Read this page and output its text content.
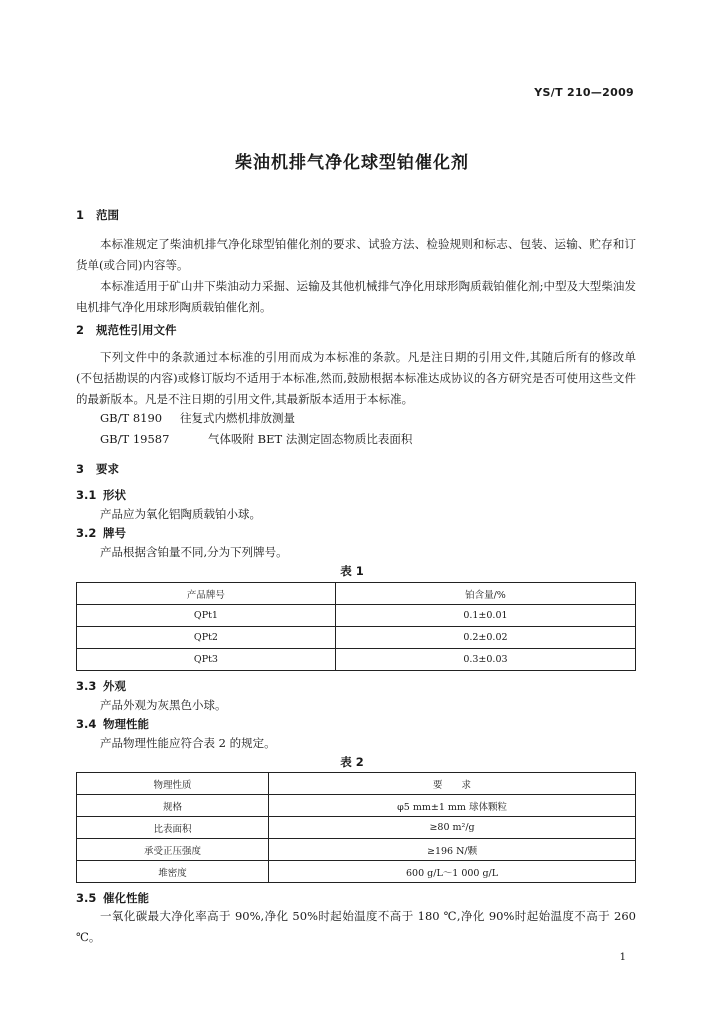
YS/T 210—2009
柴油机排气净化球型铂催化剂
1 范围
本标准规定了柴油机排气净化球型铂催化剂的要求、试验方法、检验规则和标志、包装、运输、贮存和订货单(或合同)内容等。
本标准适用于矿山井下柴油动力采掘、运输及其他机械排气净化用球形陶质载铂催化剂;中型及大型柴油发电机排气净化用球形陶质载铂催化剂。
2 规范性引用文件
下列文件中的条款通过本标准的引用而成为本标准的条款。凡是注日期的引用文件,其随后所有的修改单(不包括勘误的内容)或修订版均不适用于本标准,然而,鼓励根据本标准达成协议的各方研究是否可使用这些文件的最新版本。凡是不注日期的引用文件,其最新版本适用于本标准。
GB/T 8190 往复式内燃机排放测量
GB/T 19587	气体吸附 BET 法测定固态物质比表面积
3 要求
3.1 形状
产品应为氧化铝陶质载铂小球。
3.2 牌号
产品根据含铂量不同,分为下列牌号。
表 1
产品牌号	铂含量/%
QPt1	0.1±0.01
QPt2	0.2±0.02
QPt3	0.3±0.03
3.3 外观
产品外观为灰黑色小球。
3.4 物理性能
产品物理性能应符合表 2 的规定。
表 2
物理性质	要　　求
规格	φ5 mm±1 mm 球体颗粒
比表面积	≥80 m²/g
承受正压强度	≥196 N/颗
堆密度	600 g/L～1 000 g/L
3.5 催化性能
一氧化碳最大净化率高于 90%,净化 50%时起始温度不高于 180 ℃,净化 90%时起始温度不高于 260 ℃。
1
